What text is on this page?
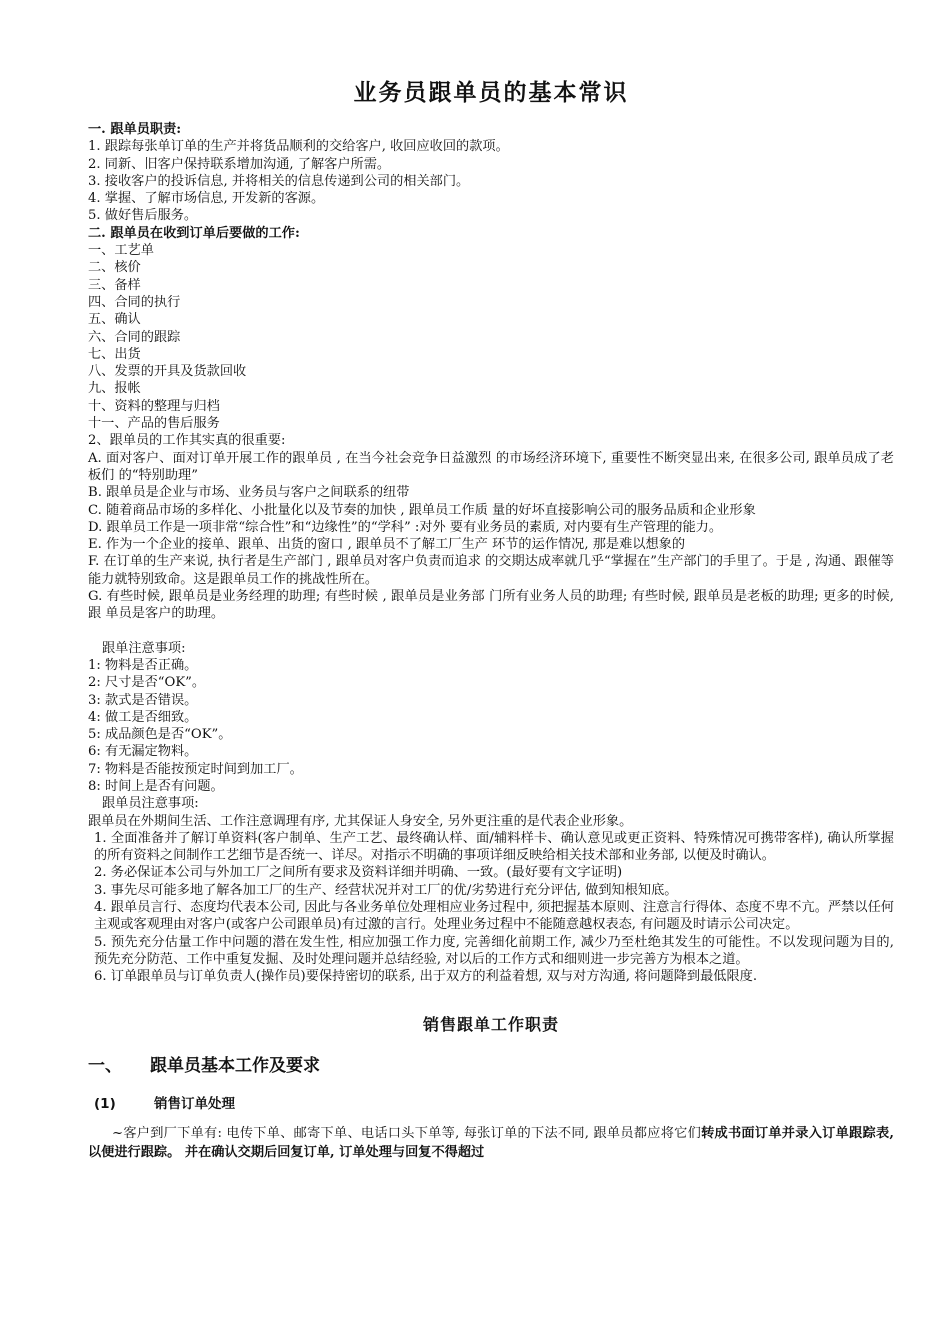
业务员跟单员的基本常识
一. 跟单员职责:
1. 跟踪每张单订单的生产并将货品顺利的交给客户, 收回应收回的款项。
2. 同新、旧客户保持联系增加沟通, 了解客户所需。
3. 接收客户的投诉信息, 并将相关的信息传递到公司的相关部门。
4. 掌握、了解市场信息, 开发新的客源。
5. 做好售后服务。
二. 跟单员在收到订单后要做的工作:
一、工艺单
二、核价
三、备样
四、合同的执行
五、确认
六、合同的跟踪
七、出货
八、发票的开具及货款回收
九、报帐
十、资料的整理与归档
十一、产品的售后服务
2、跟单员的工作其实真的很重要:
A. 面对客户、面对订单开展工作的跟单员 , 在当今社会竞争日益激烈 的市场经济环境下, 重要性不断突显出来, 在很多公司, 跟单员成了老板们 的“特别助理”
B. 跟单员是企业与市场、业务员与客户之间联系的纽带
C. 随着商品市场的多样化、小批量化以及节奏的加快 , 跟单员工作质 量的好坏直接影响公司的服务品质和企业形象
D. 跟单员工作是一项非常“综合性”和“边缘性”的“学科” :对外 要有业务员的素质, 对内要有生产管理的能力。
E. 作为一个企业的接单、跟单、出货的窗口 , 跟单员不了解工厂生产 环节的运作情况, 那是难以想象的
F. 在订单的生产来说, 执行者是生产部门 , 跟单员对客户负责而追求 的交期达成率就几乎“掌握在”生产部门的手里了。于是 , 沟通、跟催等 能力就特别致命。这是跟单员工作的挑战性所在。
G. 有些时候, 跟单员是业务经理的助理; 有些时候 , 跟单员是业务部 门所有业务人员的助理; 有些时候, 跟单员是老板的助理; 更多的时候, 跟 单员是客户的助理。
跟单注意事项:
1: 物料是否正确。
2: 尺寸是否“OK”。
3: 款式是否错误。
4: 做工是否细致。
5: 成品颜色是否“OK”。
6: 有无漏定物料。
7: 物料是否能按预定时间到加工厂。
8: 时间上是否有问题。
跟单员注意事项:
跟单员在外期间生活、工作注意调理有序, 尤其保证人身安全, 另外更注重的是代表企业形象。
1. 全面准备并了解订单资料(客户制单、生产工艺、最终确认样、面/辅料样卡、确认意见或更正资料、特殊情况可携带客样), 确认所掌握的所有资料之间制作工艺细节是否统一、详尽。对指示不明确的事项详细反映给相关技术部和业务部, 以便及时确认。
2. 务必保证本公司与外加工厂之间所有要求及资料详细并明确、一致。(最好要有文字证明)
3. 事先尽可能多地了解各加工厂的生产、经营状况并对工厂的优/劣势进行充分评估, 做到知根知底。
4. 跟单员言行、态度均代表本公司, 因此与各业务单位处理相应业务过程中, 须把握基本原则、注意言行得体、态度不卑不亢。严禁以任何主观或客观理由对客户(或客户公司跟单员)有过激的言行。处理业务过程中不能随意越权表态, 有问题及时请示公司决定。
5. 预先充分估量工作中问题的潜在发生性, 相应加强工作力度, 完善细化前期工作, 减少乃至杜绝其发生的可能性。不以发现问题为目的, 预先充分防范、工作中重复发掘、及时处理问题并总结经验, 对以后的工作方式和细则进一步完善方为根本之道。
6. 订单跟单员与订单负责人(操作员)要保持密切的联系, 出于双方的利益着想, 双与对方沟通, 将问题降到最低限度.
销售跟单工作职责
一、 跟单员基本工作及要求
(1)	销售订单处理
~客户到厂下单有: 电传下单、邮寄下单、电话口头下单等, 每张订单的下法不同, 跟单员都应将它们转成书面订单并录入订单跟踪表, 以便进行跟踪。 并在确认交期后回复订单, 订单处理与回复不得超过
